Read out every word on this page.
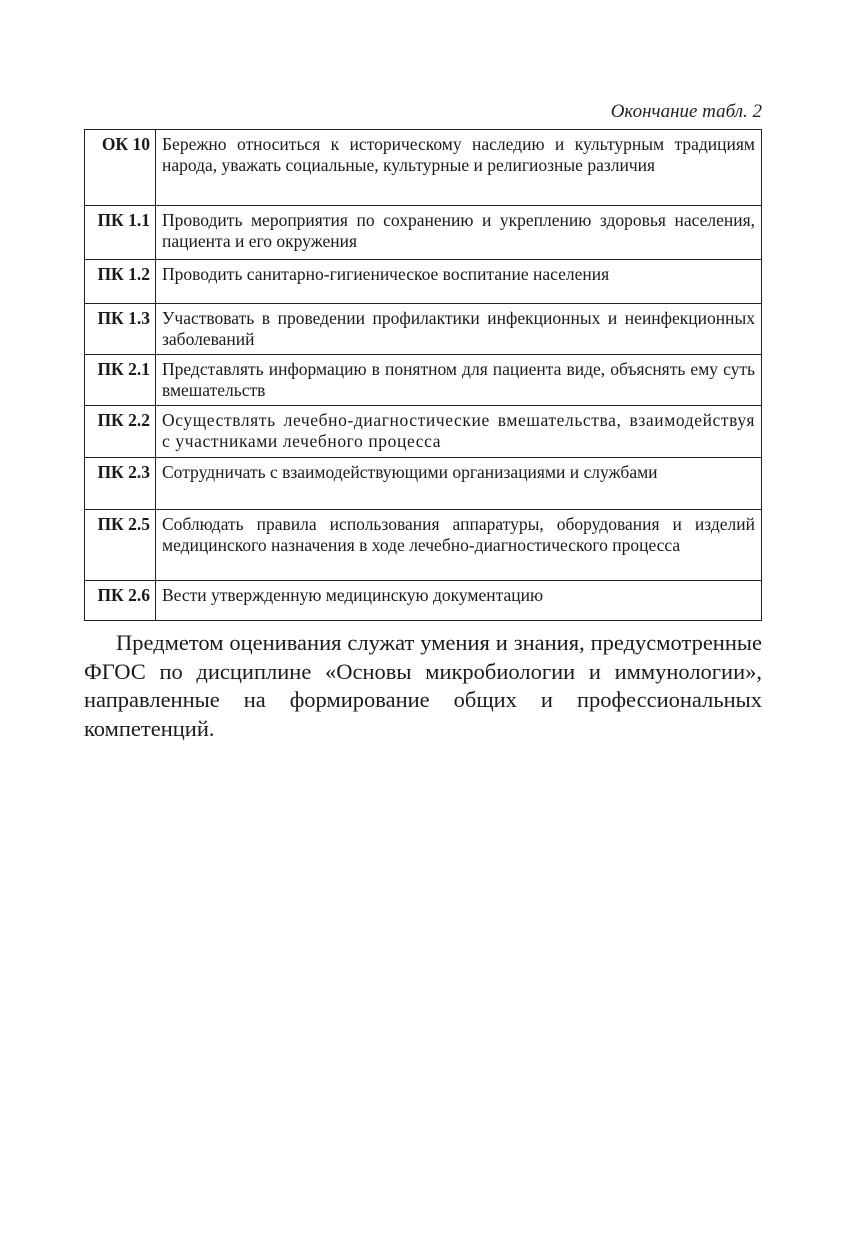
Окончание табл. 2
ОК 10	Бережно относиться к историческому наследию и культурным традициям народа, уважать социальные, культурные и религиозные различия
ПК 1.1	Проводить мероприятия по сохранению и укреплению здоровья населения, пациента и его окружения
ПК 1.2	Проводить санитарно-гигиеническое воспитание населения
ПК 1.3	Участвовать в проведении профилактики инфекционных и неинфекционных заболеваний
ПК 2.1	Представлять информацию в понятном для пациента виде, объяснять ему суть вмешательств
ПК 2.2	Осуществлять лечебно-диагностические вмешательства, взаимодействуя с участниками лечебного процесса
ПК 2.3	Сотрудничать с взаимодействующими организациями и службами
ПК 2.5	Соблюдать правила использования аппаратуры, оборудования и изделий медицинского назначения в ходе лечебно-диагностического процесса
ПК 2.6	Вести утвержденную медицинскую документацию

Предметом оценивания служат умения и знания, предусмотренные ФГОС по дисциплине «Основы микробиологии и иммунологии», направленные на формирование общих и профессиональных компетенций.
